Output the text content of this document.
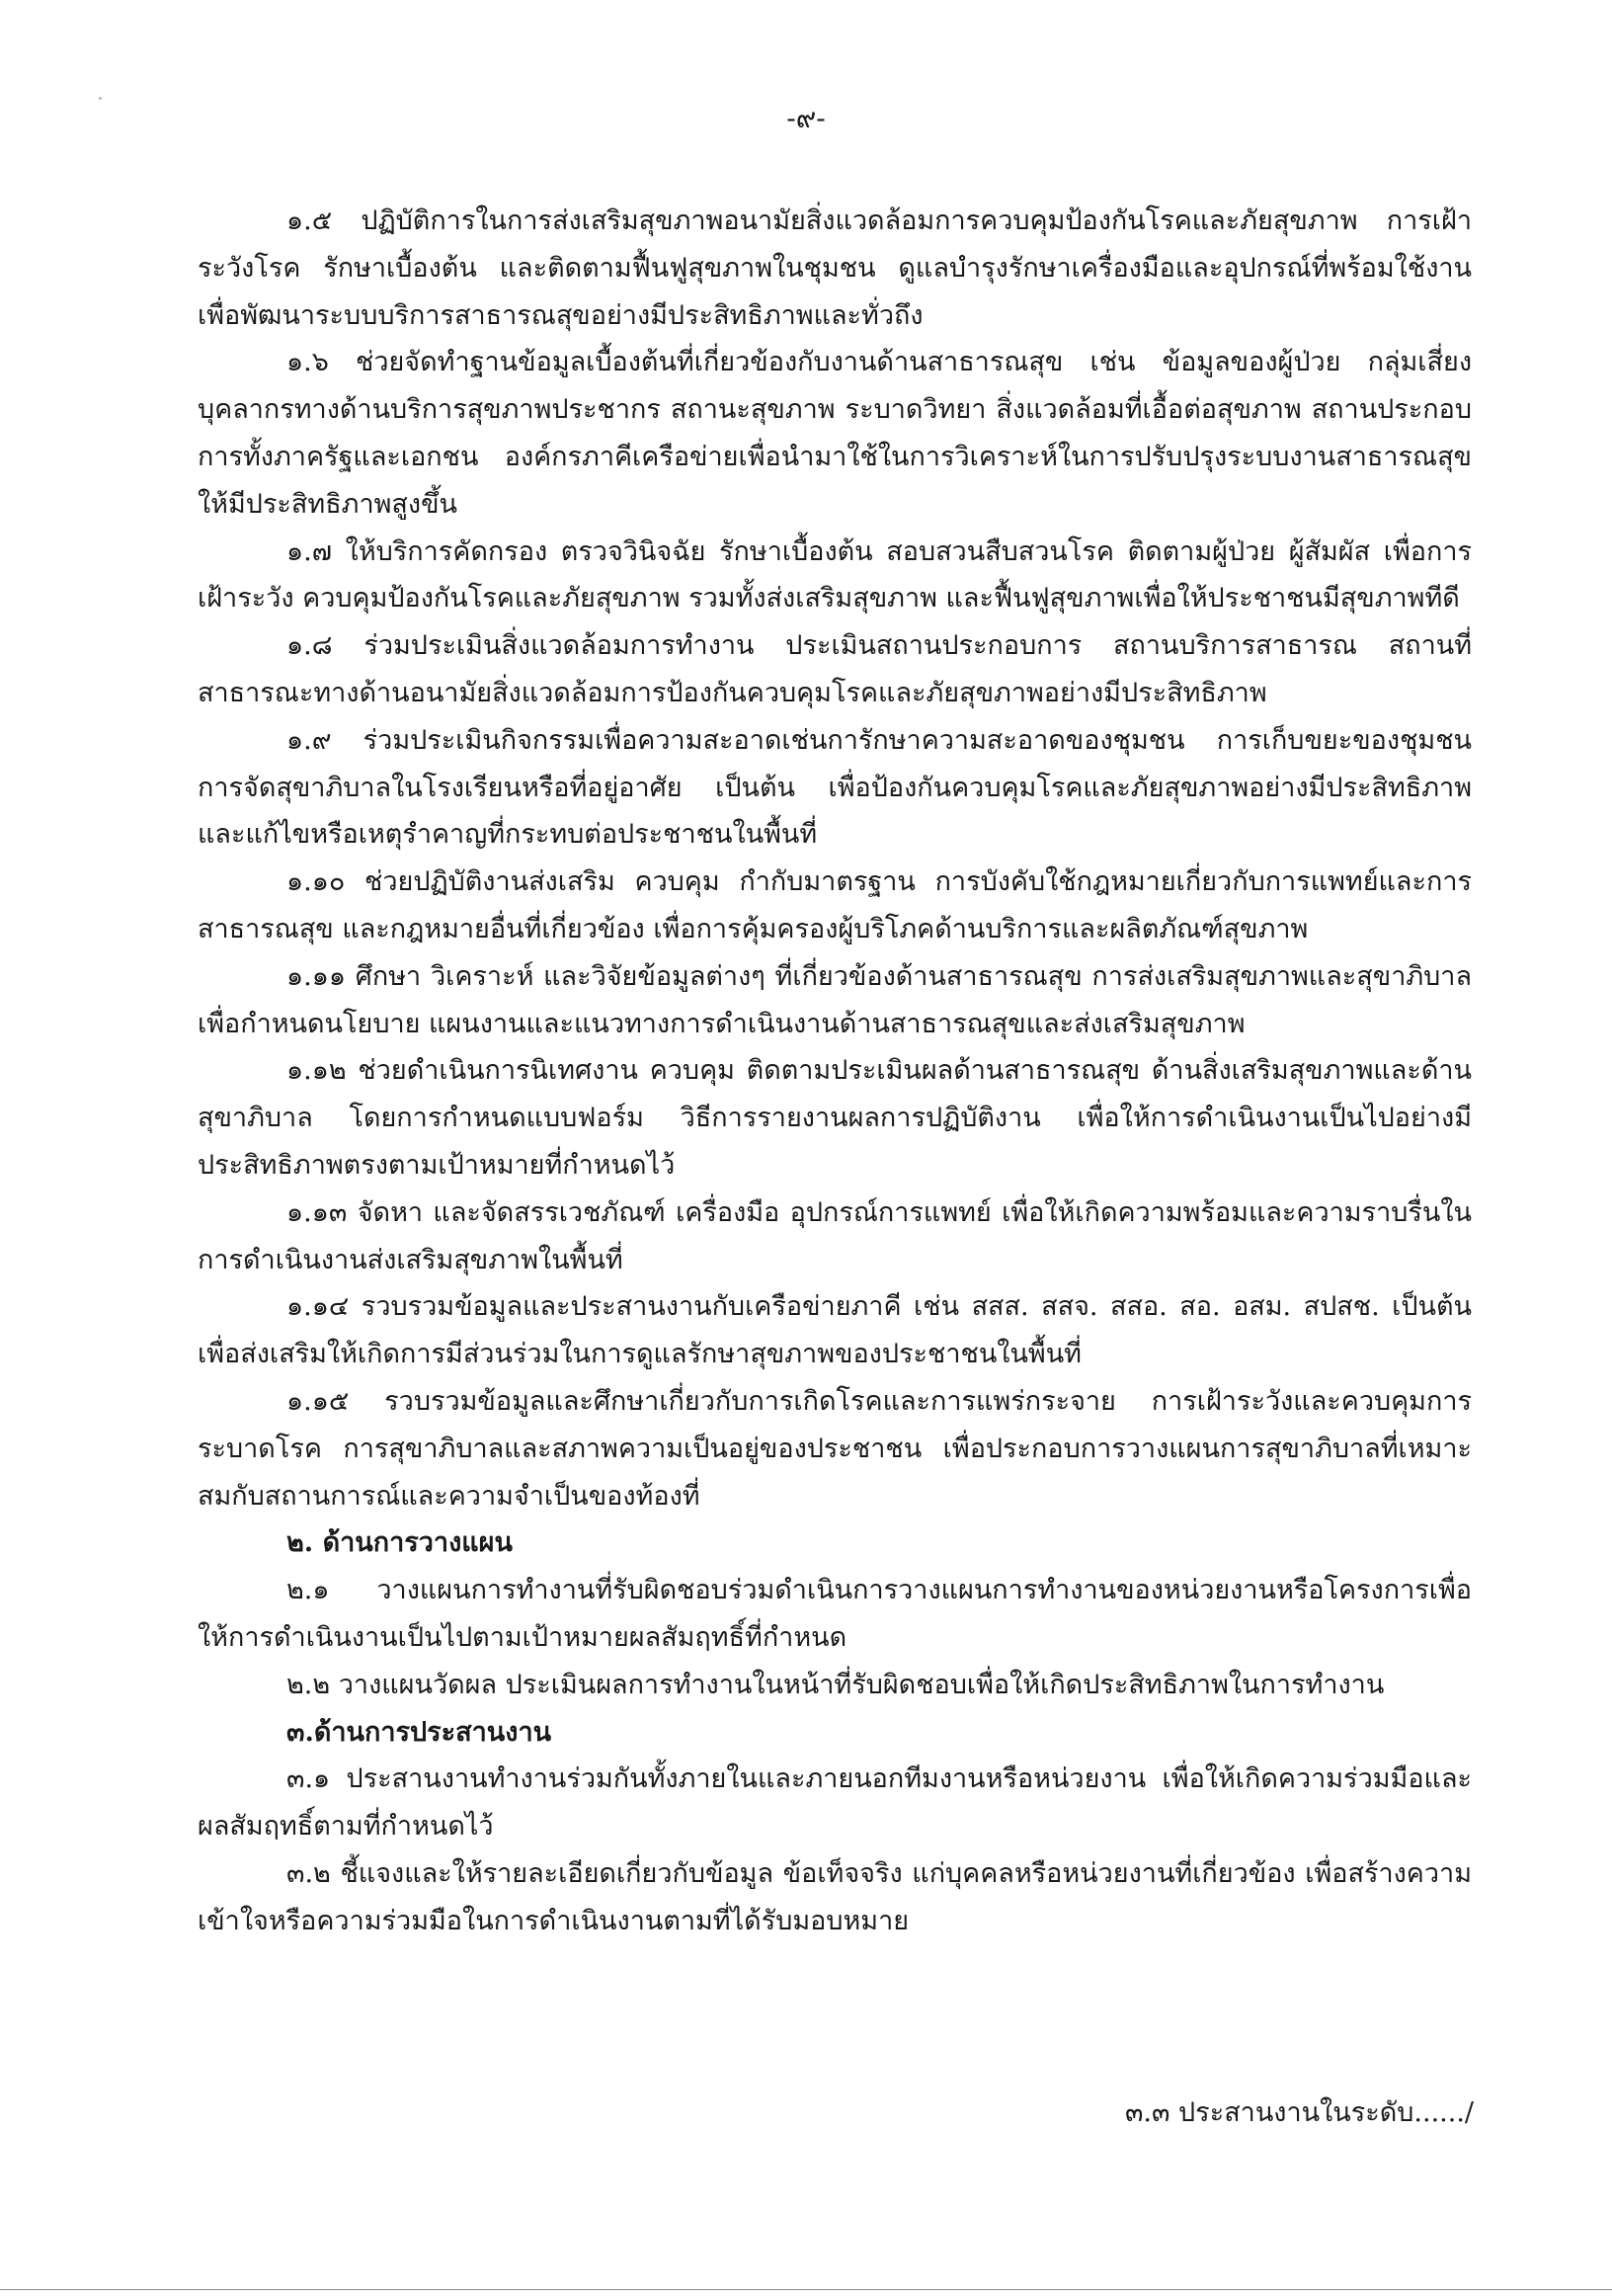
-๙-

๑.๕ ปฏิบัติการในการส่งเสริมสุขภาพอนามัยสิ่งแวดล้อมการควบคุมป้องกันโรคและภัยสุขภาพ การเฝ้าระวังโรค รักษาเบื้องต้น และติดตามฟื้นฟูสุขภาพในชุมชน ดูแลบำรุงรักษาเครื่องมือและอุปกรณ์ที่พร้อมใช้งานเพื่อพัฒนาระบบบริการสาธารณสุขอย่างมีประสิทธิภาพและทั่วถึง

๑.๖ ช่วยจัดทำฐานข้อมูลเบื้องต้นที่เกี่ยวข้องกับงานด้านสาธารณสุข เช่น ข้อมูลของผู้ป่วย กลุ่มเสี่ยง บุคลากรทางด้านบริการสุขภาพประชากร สถานะสุขภาพ ระบาดวิทยา สิ่งแวดล้อมที่เอื้อต่อสุขภาพ สถานประกอบการทั้งภาครัฐและเอกชน องค์กรภาคีเครือข่ายเพื่อนำมาใช้ในการวิเคราะห์ในการปรับปรุงระบบงานสาธารณสุขให้มีประสิทธิภาพสูงขึ้น

๑.๗ ให้บริการคัดกรอง ตรวจวินิจฉัย รักษาเบื้องต้น สอบสวนสืบสวนโรค ติดตามผู้ป่วย ผู้สัมผัส เพื่อการเฝ้าระวัง ควบคุมป้องกันโรคและภัยสุขภาพ รวมทั้งส่งเสริมสุขภาพ และฟื้นฟูสุขภาพเพื่อให้ประชาชนมีสุขภาพทีดี

๑.๘ ร่วมประเมินสิ่งแวดล้อมการทำงาน ประเมินสถานประกอบการ สถานบริการสาธารณ สถานที่สาธารณะทางด้านอนามัยสิ่งแวดล้อมการป้องกันควบคุมโรคและภัยสุขภาพอย่างมีประสิทธิภาพ

๑.๙ ร่วมประเมินกิจกรรมเพื่อความสะอาดเช่นการักษาความสะอาดของชุมชน การเก็บขยะของชุมชน การจัดสุขาภิบาลในโรงเรียนหรือที่อยู่อาศัย เป็นต้น เพื่อป้องกันควบคุมโรคและภัยสุขภาพอย่างมีประสิทธิภาพ และแก้ไขหรือเหตุรำคาญที่กระทบต่อประชาชนในพื้นที่

๑.๑๐ ช่วยปฏิบัติงานส่งเสริม ควบคุม กำกับมาตรฐาน การบังคับใช้กฎหมายเกี่ยวกับการแพทย์และการสาธารณสุข และกฎหมายอื่นที่เกี่ยวข้อง เพื่อการคุ้มครองผู้บริโภคด้านบริการและผลิตภัณฑ์สุขภาพ

๑.๑๑ ศึกษา วิเคราะห์ และวิจัยข้อมูลต่างๆ ที่เกี่ยวข้องด้านสาธารณสุข การส่งเสริมสุขภาพและสุขาภิบาลเพื่อกำหนดนโยบาย แผนงานและแนวทางการดำเนินงานด้านสาธารณสุขและส่งเสริมสุขภาพ

๑.๑๒ ช่วยดำเนินการนิเทศงาน ควบคุม ติดตามประเมินผลด้านสาธารณสุข ด้านสิ่งเสริมสุขภาพและด้านสุขาภิบาล โดยการกำหนดแบบฟอร์ม วิธีการรายงานผลการปฏิบัติงาน เพื่อให้การดำเนินงานเป็นไปอย่างมีประสิทธิภาพตรงตามเป้าหมายที่กำหนดไว้

๑.๑๓ จัดหา และจัดสรรเวชภัณฑ์ เครื่องมือ อุปกรณ์การแพทย์ เพื่อให้เกิดความพร้อมและความราบรื่นในการดำเนินงานส่งเสริมสุขภาพในพื้นที่

๑.๑๔ รวบรวมข้อมูลและประสานงานกับเครือข่ายภาคี เช่น สสส. สสจ. สสอ. สอ. อสม. สปสช. เป็นต้น เพื่อส่งเสริมให้เกิดการมีส่วนร่วมในการดูแลรักษาสุขภาพของประชาชนในพื้นที่

๑.๑๕ รวบรวมข้อมูลและศึกษาเกี่ยวกับการเกิดโรคและการแพร่กระจาย การเฝ้าระวังและควบคุมการระบาดโรค การสุขาภิบาลและสภาพความเป็นอยู่ของประชาชน เพื่อประกอบการวางแผนการสุขาภิบาลที่เหมาะสมกับสถานการณ์และความจำเป็นของท้องที่

๒. ด้านการวางแผน

๒.๑ วางแผนการทำงานที่รับผิดชอบร่วมดำเนินการวางแผนการทำงานของหน่วยงานหรือโครงการเพื่อให้การดำเนินงานเป็นไปตามเป้าหมายผลสัมฤทธิ์ที่กำหนด

๒.๒ วางแผนวัดผล ประเมินผลการทำงานในหน้าที่รับผิดชอบเพื่อให้เกิดประสิทธิภาพในการทำงาน

๓.ด้านการประสานงาน

๓.๑ ประสานงานทำงานร่วมกันทั้งภายในและภายนอกทีมงานหรือหน่วยงาน เพื่อให้เกิดความร่วมมือและผลสัมฤทธิ์ตามที่กำหนดไว้

๓.๒ ชี้แจงและให้รายละเอียดเกี่ยวกับข้อมูล ข้อเท็จจริง แก่บุคคลหรือหน่วยงานที่เกี่ยวข้อง เพื่อสร้างความเข้าใจหรือความร่วมมือในการดำเนินงานตามที่ได้รับมอบหมาย

๓.๓ ประสานงานในระดับ....../
